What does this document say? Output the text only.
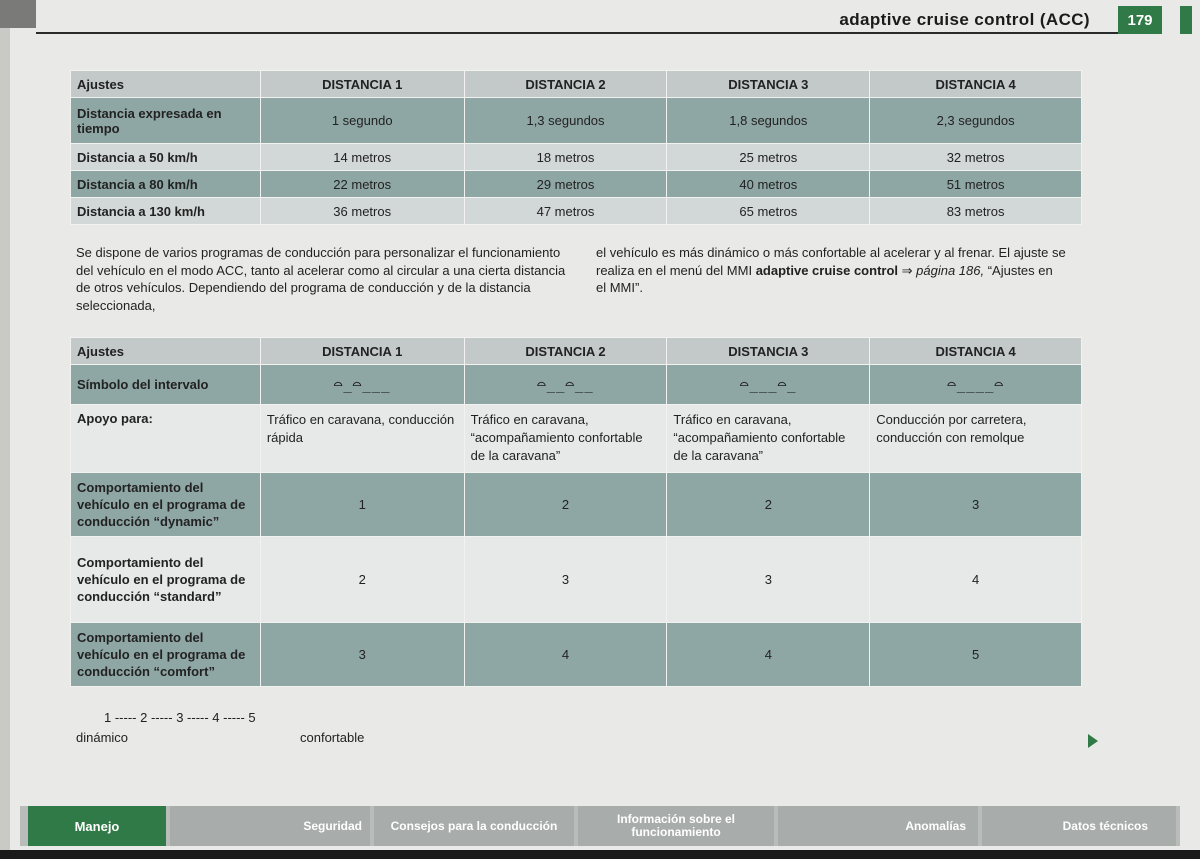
adaptive cruise control (ACC)	179
Ajustes	DISTANCIA 1	DISTANCIA 2	DISTANCIA 3	DISTANCIA 4
Distancia expresada en tiempo	1 segundo	1,3 segundos	1,8 segundos	2,3 segundos
Distancia a 50 km/h	14 metros	18 metros	25 metros	32 metros
Distancia a 80 km/h	22 metros	29 metros	40 metros	51 metros
Distancia a 130 km/h	36 metros	47 metros	65 metros	83 metros
Se dispone de varios programas de conducción para personalizar el funcionamiento del vehículo en el modo ACC, tanto al acelerar como al circular a una cierta distancia de otros vehículos. Dependiendo del programa de conducción y de la distancia seleccionada,
el vehículo es más dinámico o más confortable al acelerar y al frenar. El ajuste se realiza en el menú del MMI adaptive cruise control ⇒ página 186, “Ajustes en el MMI”.
Ajustes	DISTANCIA 1	DISTANCIA 2	DISTANCIA 3	DISTANCIA 4
Símbolo del intervalo	⌓_⌓___	⌓__⌓__	⌓___⌓_	⌓____⌓
Apoyo para:	Tráfico en caravana, conducción rápida	Tráfico en caravana, “acompañamiento confortable de la caravana”	Tráfico en caravana, “acompañamiento confortable de la caravana”	Conducción por carretera, conducción con remolque
Comportamiento del vehículo en el programa de conducción “dynamic”	1	2	2	3
Comportamiento del vehículo en el programa de conducción “standard”	2	3	3	4
Comportamiento del vehículo en el programa de conducción “comfort”	3	4	4	5
1 ----- 2 ----- 3 ----- 4 ----- 5
dinámico	confortable
Manejo	Seguridad	Consejos para la conducción	Información sobre el funcionamiento	Anomalías	Datos técnicos
